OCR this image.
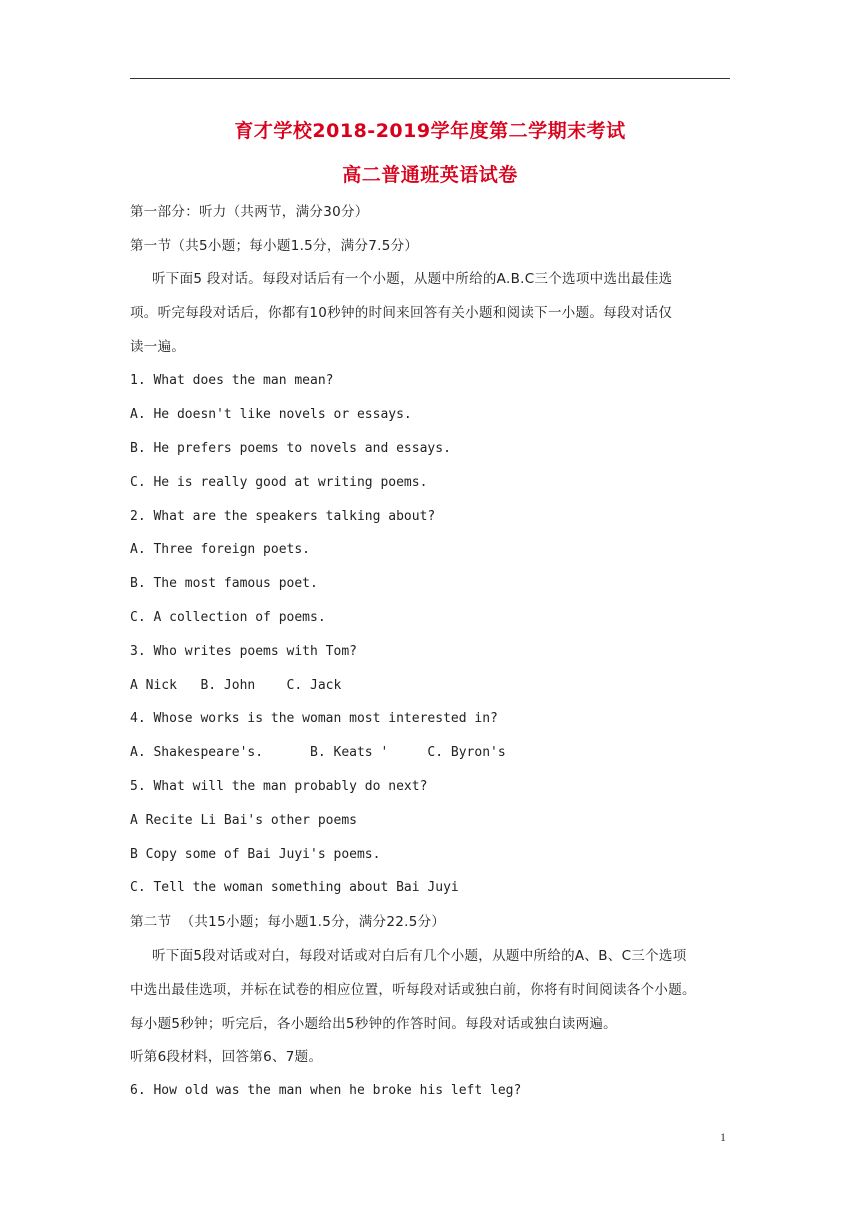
育才学校2018-2019学年度第二学期末考试
高二普通班英语试卷
第一部分：听力（共两节，满分30分）
第一节（共5小题；每小题1.5分，满分7.5分）
听下面5 段对话。每段对话后有一个小题，从题中所给的A.B.C三个选项中选出最佳选
项。听完每段对话后，你都有10秒钟的时间来回答有关小题和阅读下一小题。每段对话仅
读一遍。
1. What does the man mean?
A. He doesn't like novels or essays.
B. He prefers poems to novels and essays.
C. He is really good at writing poems.
2. What are the speakers talking about?
A. Three foreign poets.
B. The most famous poet.
C. A collection of poems.
3. Who writes poems with Tom?
A Nick   B. John    C. Jack
4. Whose works is the woman most interested in?
A. Shakespeare's.      B. Keats '     C. Byron's
5. What will the man probably do next?
A Recite Li Bai's other poems
B Copy some of Bai Juyi's poems.
C. Tell the woman something about Bai Juyi
第二节  （共15小题；每小题1.5分，满分22.5分）
听下面5段对话或对白，每段对话或对白后有几个小题，从题中所给的A、B、C三个选项
中选出最佳选项，并标在试卷的相应位置，听每段对话或独白前，你将有时间阅读各个小题。
每小题5秒钟；听完后，各小题给出5秒钟的作答时间。每段对话或独白读两遍。
听第6段材料，回答第6、7题。
6. How old was the man when he broke his left leg?
1
